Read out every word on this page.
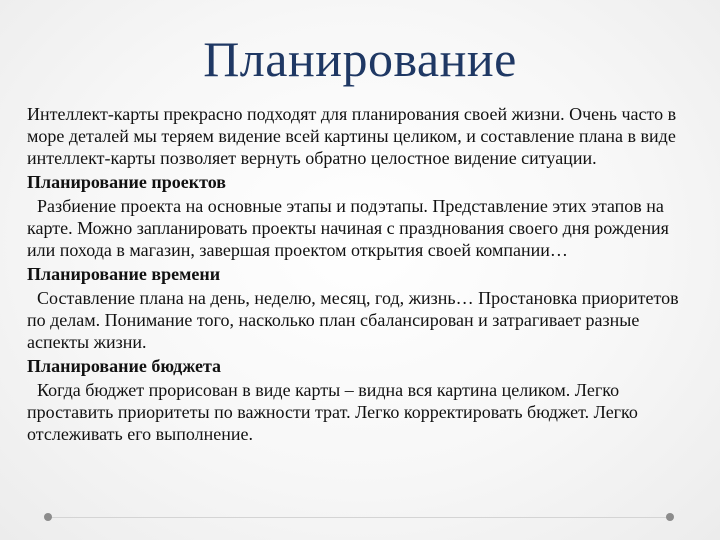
Планирование

Интеллект-карты прекрасно подходят для планирования своей жизни. Очень часто в море деталей мы теряем видение всей картины целиком, и составление плана в виде интеллект-карты позволяет вернуть обратно целостное видение ситуации.

Планирование проектов

Разбиение проекта на основные этапы и подэтапы. Представление этих этапов на карте. Можно запланировать проекты начиная с празднования своего дня рождения или похода в магазин, завершая проектом открытия своей компании…

Планирование времени

Составление плана на день, неделю, месяц, год, жизнь… Простановка приоритетов по делам. Понимание того, насколько план сбалансирован и затрагивает разные аспекты жизни.

Планирование бюджета

Когда бюджет прорисован в виде карты – видна вся картина целиком. Легко проставить приоритеты по важности трат. Легко корректировать бюджет. Легко отслеживать его выполнение.
